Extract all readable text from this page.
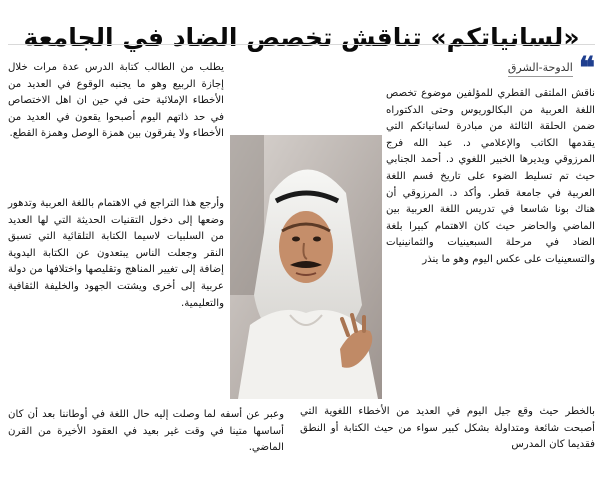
«لسانياتكم» تناقش تخصص الضاد في الجامعة
❝
الدوحة-الشرق

ناقش الملتقى القطري للمؤلفين موضوع تخصص اللغة العربية من البكالوريوس وحتى الدكتوراه ضمن الحلقة الثالثة من مبادرة لسانياتكم التي يقدمها الكاتب والإعلامي د. عبد الله فرج المرزوقي ويديرها الخبير اللغوي د. أحمد الجنابي حيث تم تسليط الضوء على تاريخ قسم اللغة العربية في جامعة قطر. وأكد د. المرزوقي أن هناك بونا شاسعا في تدريس اللغة العربية بين الماضي والحاضر حيث كان الاهتمام كبيرا بلغة الضاد في مرحلة السبعينيات والثمانينيات والتسعينيات على عكس اليوم وهو ما ينذر

بالخطر حيث وقع جيل اليوم في العديد من الأخطاء اللغوية التي أصبحت شائعة ومتداولة بشكل كبير سواء من حيث الكتابة أو النطق فقديما كان المدرس

يطلب من الطالب كتابة الدرس عدة مرات خلال إجازة الربيع وهو ما يجنبه الوقوع في العديد من الأخطاء الإملائية حتى في حين ان اهل الاختصاص في حد ذاتهم اليوم أصبحوا يقعون في العديد من الأخطاء ولا يفرقون بين همزة الوصل وهمزة القطع.

وأرجع هذا التراجع في الاهتمام باللغة العربية وتدهور وضعها إلى دخول التقنيات الحديثة التي لها العديد من السلبيات لاسيما الكتابة التلقائية التي تسبق النقر وجعلت الناس يبتعدون عن الكتابة اليدوية إضافة إلى تغيير المناهج وتقليصها واختلافها من دولة عربية إلى أخرى ويشتت الجهود والخليفة الثقافية والتعليمية.

وعبر عن أسفه لما وصلت إليه حال اللغة في أوطاننا بعد أن كان أساسها متينا في وقت غير بعيد في العقود الأخيرة من القرن الماضي.
